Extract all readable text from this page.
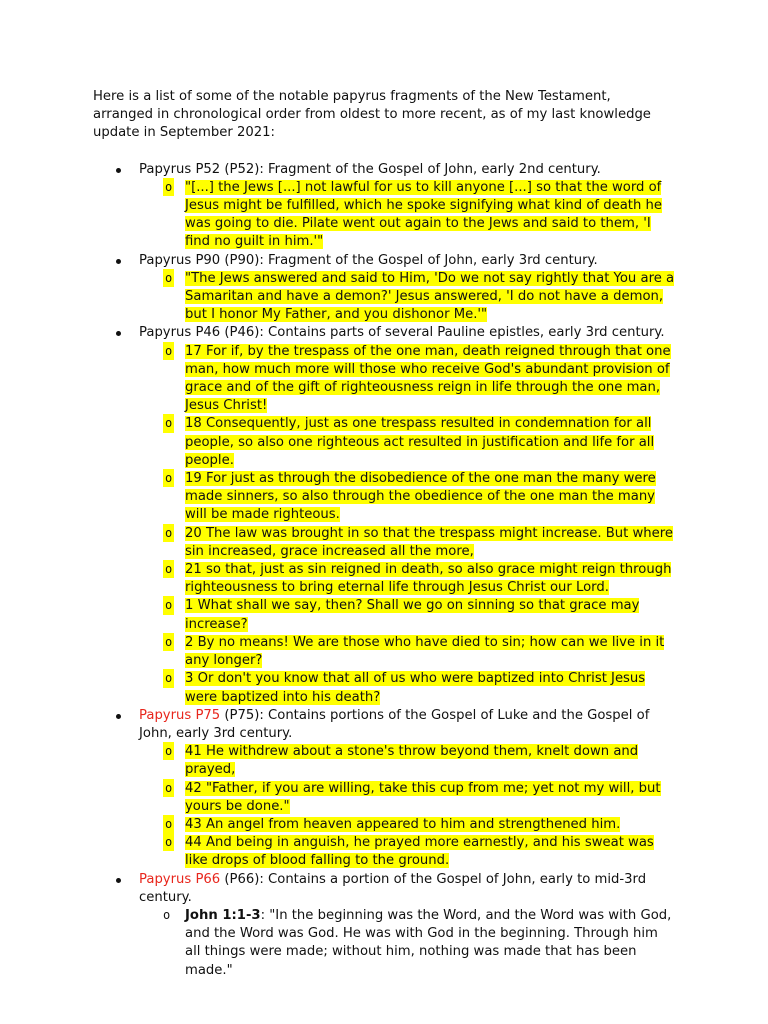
Here is a list of some of the notable papyrus fragments of the New Testament, arranged in chronological order from oldest to more recent, as of my last knowledge update in September 2021:

Papyrus P52 (P52): Fragment of the Gospel of John, early 2nd century.
o "[...] the Jews [...] not lawful for us to kill anyone [...] so that the word of Jesus might be fulfilled, which he spoke signifying what kind of death he was going to die. Pilate went out again to the Jews and said to them, 'I find no guilt in him.'"
Papyrus P90 (P90): Fragment of the Gospel of John, early 3rd century.
o "The Jews answered and said to Him, 'Do we not say rightly that You are a Samaritan and have a demon?' Jesus answered, 'I do not have a demon, but I honor My Father, and you dishonor Me.'"
Papyrus P46 (P46): Contains parts of several Pauline epistles, early 3rd century.
o 17 For if, by the trespass of the one man, death reigned through that one man, how much more will those who receive God's abundant provision of grace and of the gift of righteousness reign in life through the one man, Jesus Christ!
o 18 Consequently, just as one trespass resulted in condemnation for all people, so also one righteous act resulted in justification and life for all people.
o 19 For just as through the disobedience of the one man the many were made sinners, so also through the obedience of the one man the many will be made righteous.
o 20 The law was brought in so that the trespass might increase. But where sin increased, grace increased all the more,
o 21 so that, just as sin reigned in death, so also grace might reign through righteousness to bring eternal life through Jesus Christ our Lord.
o 1 What shall we say, then? Shall we go on sinning so that grace may increase?
o 2 By no means! We are those who have died to sin; how can we live in it any longer?
o 3 Or don't you know that all of us who were baptized into Christ Jesus were baptized into his death?
Papyrus P75 (P75): Contains portions of the Gospel of Luke and the Gospel of John, early 3rd century.
o 41 He withdrew about a stone's throw beyond them, knelt down and prayed,
o 42 "Father, if you are willing, take this cup from me; yet not my will, but yours be done."
o 43 An angel from heaven appeared to him and strengthened him.
o 44 And being in anguish, he prayed more earnestly, and his sweat was like drops of blood falling to the ground.
Papyrus P66 (P66): Contains a portion of the Gospel of John, early to mid-3rd century.
o John 1:1-3: "In the beginning was the Word, and the Word was with God, and the Word was God. He was with God in the beginning. Through him all things were made; without him, nothing was made that has been made."
